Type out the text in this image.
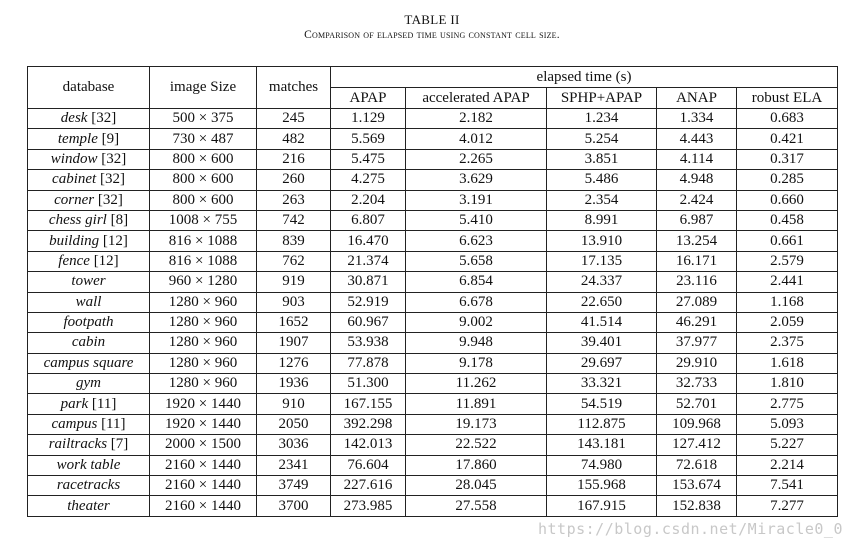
TABLE II
Comparison of elapsed time using constant cell size.
database	image Size	matches	elapsed time (s)				
			APAP	accelerated APAP	SPHP+APAP	ANAP	robust ELA
desk [32]	500 × 375	245	1.129	2.182	1.234	1.334	0.683
temple [9]	730 × 487	482	5.569	4.012	5.254	4.443	0.421
window [32]	800 × 600	216	5.475	2.265	3.851	4.114	0.317
cabinet [32]	800 × 600	260	4.275	3.629	5.486	4.948	0.285
corner [32]	800 × 600	263	2.204	3.191	2.354	2.424	0.660
chess girl [8]	1008 × 755	742	6.807	5.410	8.991	6.987	0.458
building [12]	816 × 1088	839	16.470	6.623	13.910	13.254	0.661
fence [12]	816 × 1088	762	21.374	5.658	17.135	16.171	2.579
tower	960 × 1280	919	30.871	6.854	24.337	23.116	2.441
wall	1280 × 960	903	52.919	6.678	22.650	27.089	1.168
footpath	1280 × 960	1652	60.967	9.002	41.514	46.291	2.059
cabin	1280 × 960	1907	53.938	9.948	39.401	37.977	2.375
campus square	1280 × 960	1276	77.878	9.178	29.697	29.910	1.618
gym	1280 × 960	1936	51.300	11.262	33.321	32.733	1.810
park [11]	1920 × 1440	910	167.155	11.891	54.519	52.701	2.775
campus [11]	1920 × 1440	2050	392.298	19.173	112.875	109.968	5.093
railtracks [7]	2000 × 1500	3036	142.013	22.522	143.181	127.412	5.227
work table	2160 × 1440	2341	76.604	17.860	74.980	72.618	2.214
racetracks	2160 × 1440	3749	227.616	28.045	155.968	153.674	7.541
theater	2160 × 1440	3700	273.985	27.558	167.915	152.838	7.277
https://blog.csdn.net/Miracle0_0
